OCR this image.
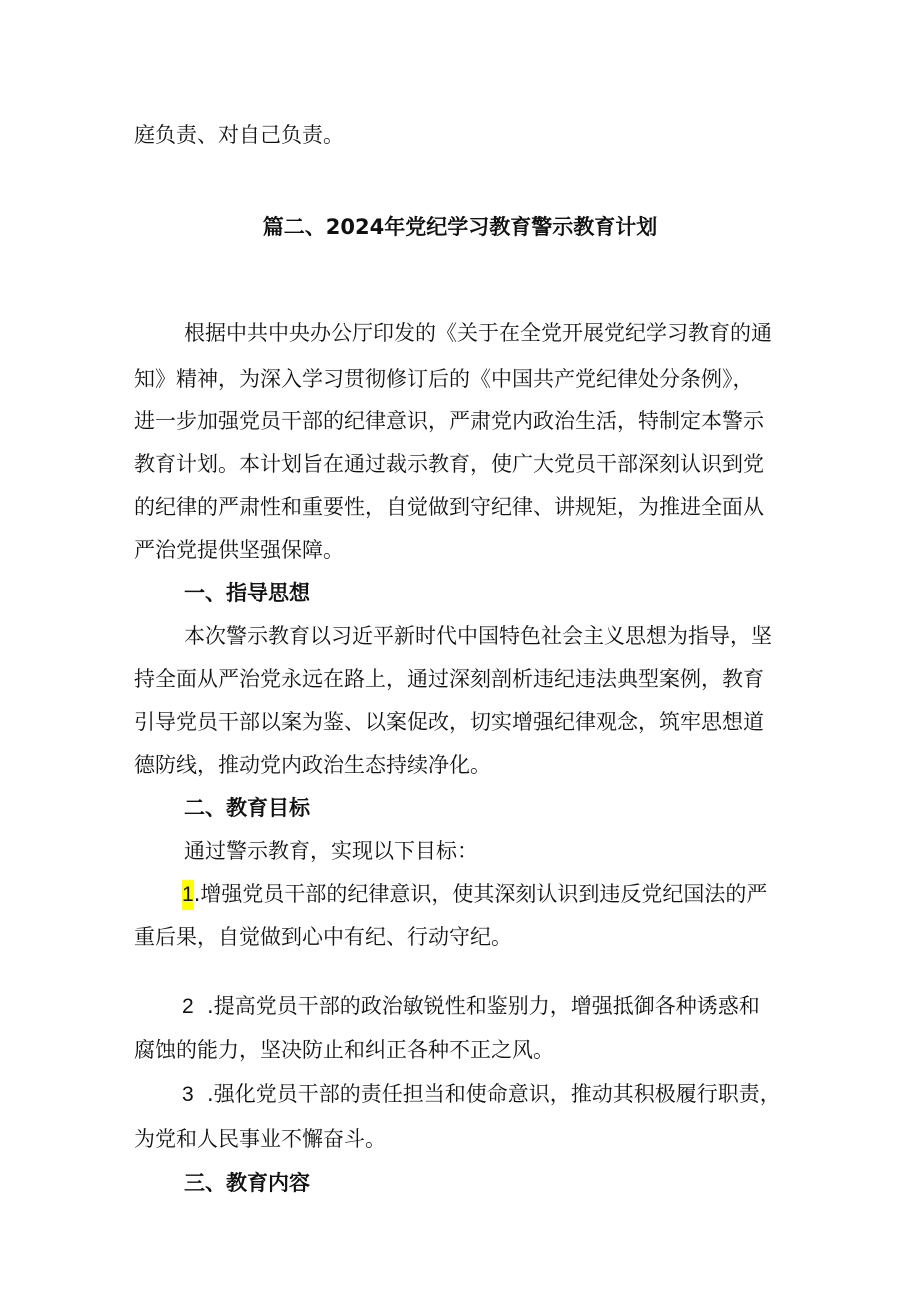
庭负责、对自己负责。
篇二、2024年党纪学习教育警示教育计划
根据中共中央办公厅印发的《关于在全党开展党纪学习教育的通
知》精神，为深入学习贯彻修订后的《中国共产党纪律处分条例》，
进一步加强党员干部的纪律意识，严肃党内政治生活，特制定本警示
教育计划。本计划旨在通过裁示教育，使广大党员干部深刻认识到党
的纪律的严肃性和重要性，自觉做到守纪律、讲规矩，为推进全面从
严治党提供坚强保障。
一、指导思想
本次警示教育以习近平新时代中国特色社会主义思想为指导，坚
持全面从严治党永远在路上，通过深刻剖析违纪违法典型案例，教育
引导党员干部以案为鉴、以案促改，切实增强纪律观念，筑牢思想道
德防线，推动党内政治生态持续净化。
二、教育目标
通过警示教育，实现以下目标：
1.增强党员干部的纪律意识，使其深刻认识到违反党纪国法的严
重后果，自觉做到心中有纪、行动守纪。
2 .提高党员干部的政治敏锐性和鉴别力，增强抵御各种诱惑和
腐蚀的能力，坚决防止和纠正各种不正之风。
3 .强化党员干部的责任担当和使命意识，推动其积极履行职责，
为党和人民事业不懈奋斗。
三、教育内容
